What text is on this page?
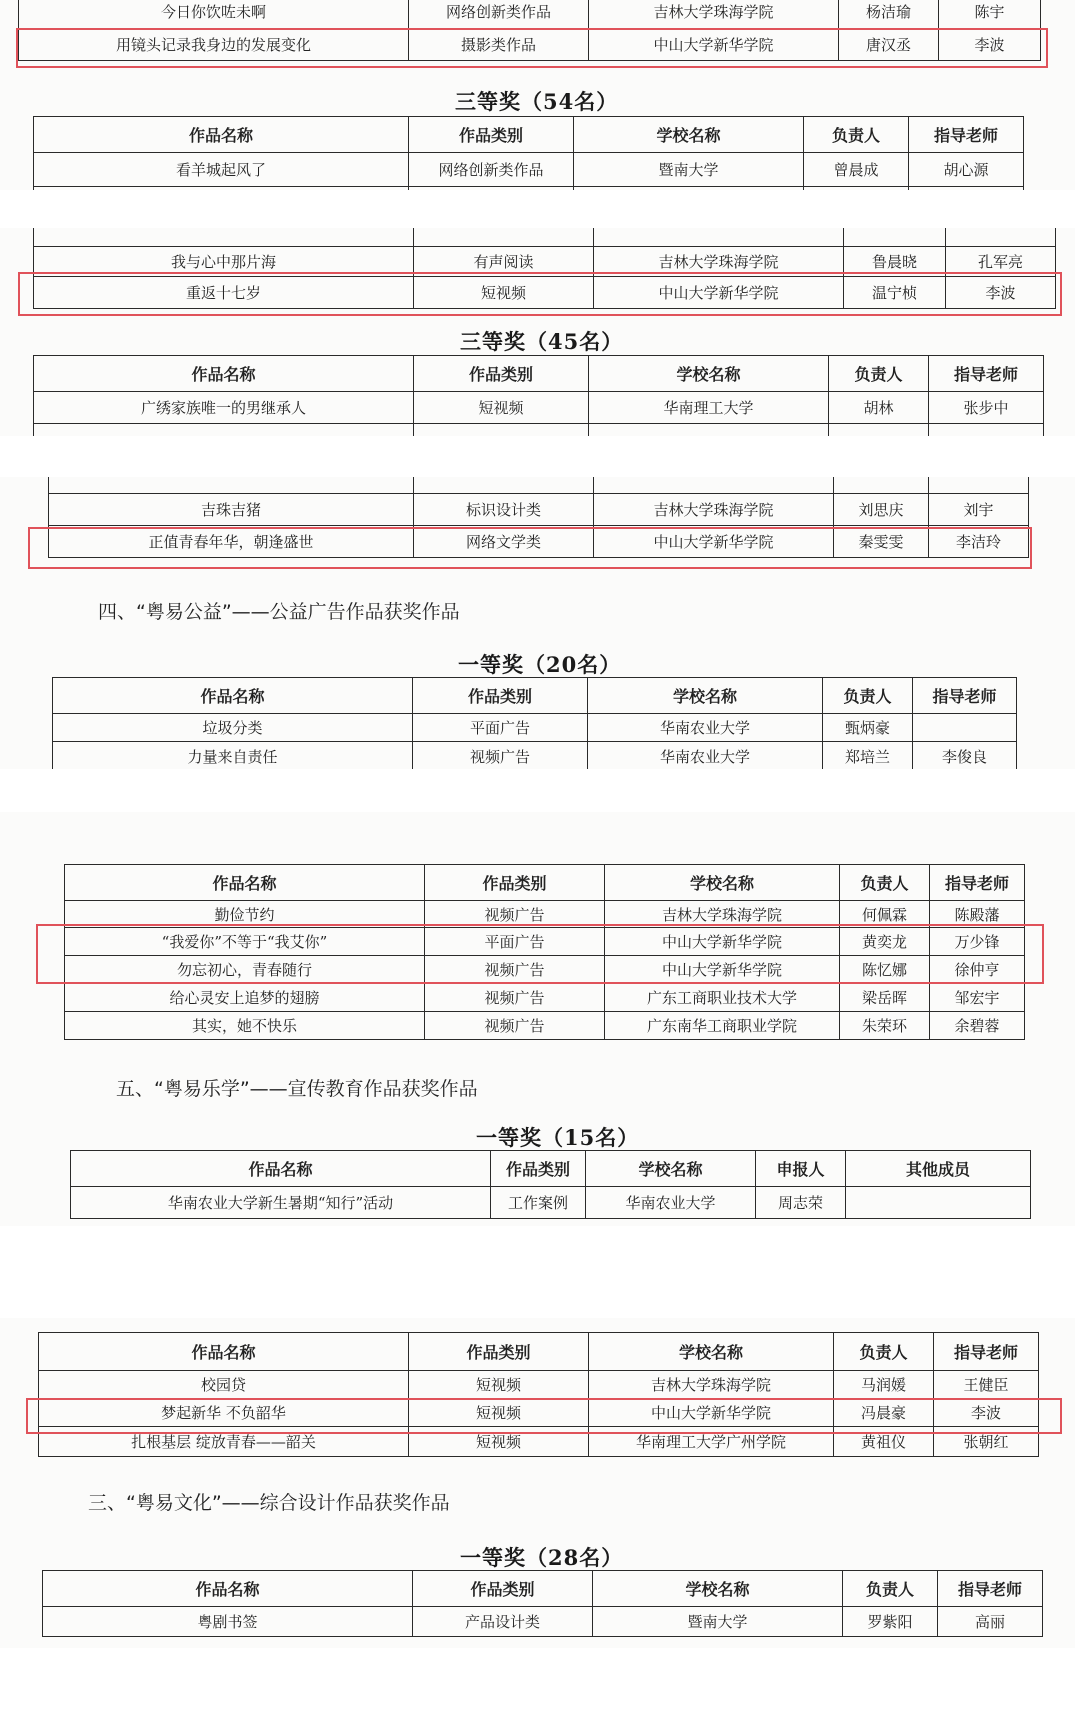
今日你饮咗未啊	网络创新类作品	吉林大学珠海学院	杨洁瑜	陈宇
用镜头记录我身边的发展变化	摄影类作品	中山大学新华学院	唐汉丞	李波
三等奖（54名）
作品名称	作品类别	学校名称	负责人	指导老师
看羊城起风了	网络创新类作品	暨南大学	曾晨成	胡心源

我与心中那片海	有声阅读	吉林大学珠海学院	鲁晨晓	孔军亮
重返十七岁	短视频	中山大学新华学院	温宁桢	李波
三等奖（45名）
作品名称	作品类别	学校名称	负责人	指导老师
广绣家族唯一的男继承人	短视频	华南理工大学	胡林	张步中

吉珠吉猪	标识设计类	吉林大学珠海学院	刘思庆	刘宇
正值青春年华，朝逢盛世	网络文学类	中山大学新华学院	秦雯雯	李洁玲
四、“粤易公益”——公益广告作品获奖作品
一等奖（20名）
作品名称	作品类别	学校名称	负责人	指导老师
垃圾分类	平面广告	华南农业大学	甄炳豪	
力量来自责任	视频广告	华南农业大学	郑培兰	李俊良
作品名称	作品类别	学校名称	负责人	指导老师
勤俭节约	视频广告	吉林大学珠海学院	何佩霖	陈殿藩
“我爱你”不等于“我艾你”	平面广告	中山大学新华学院	黄奕龙	万少锋
勿忘初心，青春随行	视频广告	中山大学新华学院	陈忆娜	徐仲亨
给心灵安上追梦的翅膀	视频广告	广东工商职业技术大学	梁岳晖	邹宏宇
其实，她不快乐	视频广告	广东南华工商职业学院	朱荣环	余碧蓉
五、“粤易乐学”——宣传教育作品获奖作品
一等奖（15名）
作品名称	作品类别	学校名称	申报人	其他成员
华南农业大学新生暑期“知行”活动	工作案例	华南农业大学	周志荣	
作品名称	作品类别	学校名称	负责人	指导老师
校园贷	短视频	吉林大学珠海学院	马润媛	王健臣
梦起新华 不负韶华	短视频	中山大学新华学院	冯晨豪	李波
扎根基层 绽放青春——韶关	短视频	华南理工大学广州学院	黄祖仪	张朝红
三、“粤易文化”——综合设计作品获奖作品
一等奖（28名）
作品名称	作品类别	学校名称	负责人	指导老师
粤剧书签	产品设计类	暨南大学	罗紫阳	高丽
